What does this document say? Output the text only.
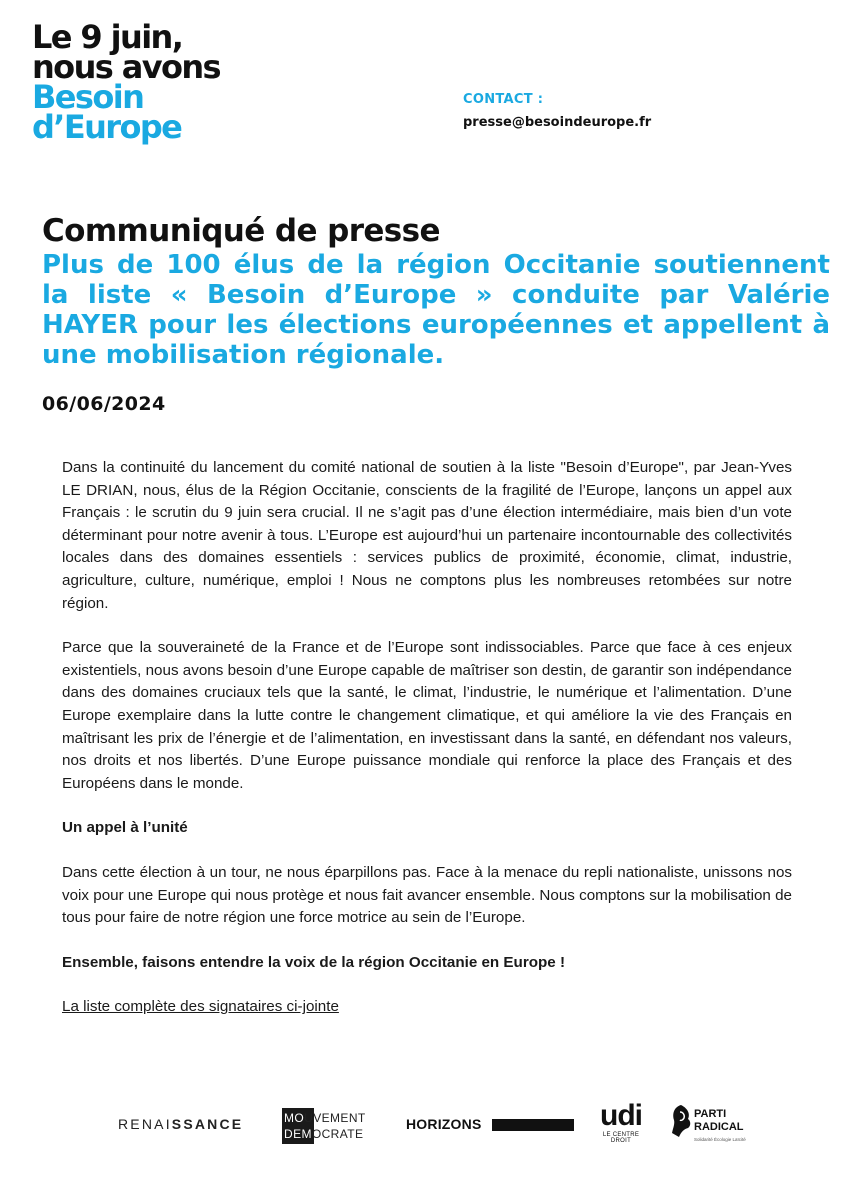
Le 9 juin,
nous avons
Besoin
d’Europe
CONTACT :
presse@besoindeurope.fr
Communiqué de presse
Plus de 100 élus de la région Occitanie soutiennent la liste « Besoin d’Europe » conduite par Valérie HAYER pour les élections européennes et appellent à une mobilisation régionale.
06/06/2024

Dans la continuité du lancement du comité national de soutien à la liste "Besoin d’Europe", par Jean-Yves LE DRIAN, nous, élus de la Région Occitanie, conscients de la fragilité de l’Europe, lançons un appel aux Français : le scrutin du 9 juin sera crucial. Il ne s’agit pas d’une élection intermédiaire, mais bien d’un vote déterminant pour notre avenir à tous. L’Europe est aujourd’hui un partenaire incontournable des collectivités locales dans des domaines essentiels : services publics de proximité, économie, climat, industrie, agriculture, culture, numérique, emploi ! Nous ne comptons plus les nombreuses retombées sur notre région.

Parce que la souveraineté de la France et de l’Europe sont indissociables. Parce que face à ces enjeux existentiels, nous avons besoin d’une Europe capable de maîtriser son destin, de garantir son indépendance dans des domaines cruciaux tels que la santé, le climat, l’industrie, le numérique et l’alimentation. D’une Europe exemplaire dans la lutte contre le changement climatique, et qui améliore la vie des Français en maîtrisant les prix de l’énergie et de l’alimentation, en investissant dans la santé, en défendant nos valeurs, nos droits et nos libertés. D’une Europe puissance mondiale qui renforce la place des Français et des Européens dans le monde.

Un appel à l’unité

Dans cette élection à un tour, ne nous éparpillons pas. Face à la menace du repli nationaliste, unissons nos voix pour une Europe qui nous protège et nous fait avancer ensemble. Nous comptons sur la mobilisation de tous pour faire de notre région une force motrice au sein de l’Europe.

Ensemble, faisons entendre la voix de la région Occitanie en Europe !

La liste complète des signataires ci-jointe

RENAISSANCE	MOUVEMENT
DEMOCRATE
HORIZONS	udi
LE CENTRE DROIT
PARTI
RADICAL
Solidarité Écologie Laïcité
